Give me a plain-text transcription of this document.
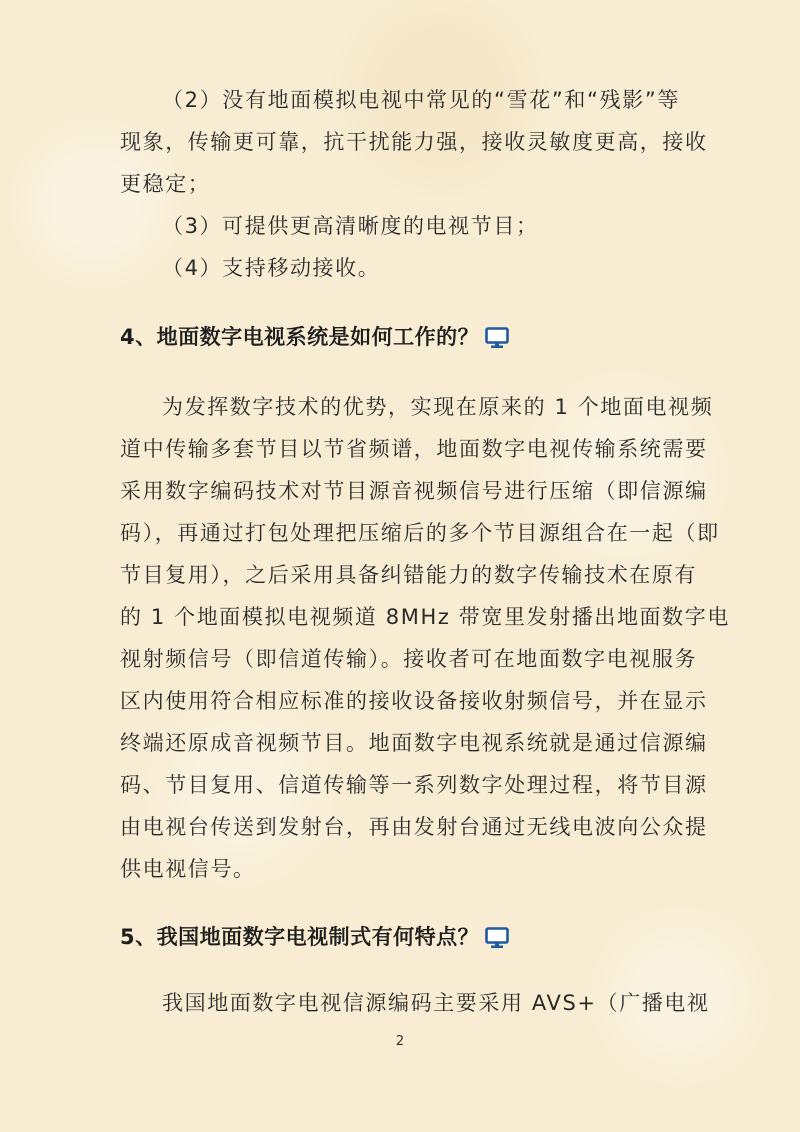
（2）没有地面模拟电视中常见的“雪花”和“残影”等
现象，传输更可靠，抗干扰能力强，接收灵敏度更高，接收
更稳定；
（3）可提供更高清晰度的电视节目；
（4）支持移动接收。
4、地面数字电视系统是如何工作的？
为发挥数字技术的优势，实现在原来的 1 个地面电视频
道中传输多套节目以节省频谱，地面数字电视传输系统需要
采用数字编码技术对节目源音视频信号进行压缩（即信源编
码），再通过打包处理把压缩后的多个节目源组合在一起（即
节目复用），之后采用具备纠错能力的数字传输技术在原有
的 1 个地面模拟电视频道 8MHz 带宽里发射播出地面数字电
视射频信号（即信道传输）。接收者可在地面数字电视服务
区内使用符合相应标准的接收设备接收射频信号，并在显示
终端还原成音视频节目。地面数字电视系统就是通过信源编
码、节目复用、信道传输等一系列数字处理过程，将节目源
由电视台传送到发射台，再由发射台通过无线电波向公众提
供电视信号。
5、我国地面数字电视制式有何特点？
我国地面数字电视信源编码主要采用 AVS+（广播电视
2
